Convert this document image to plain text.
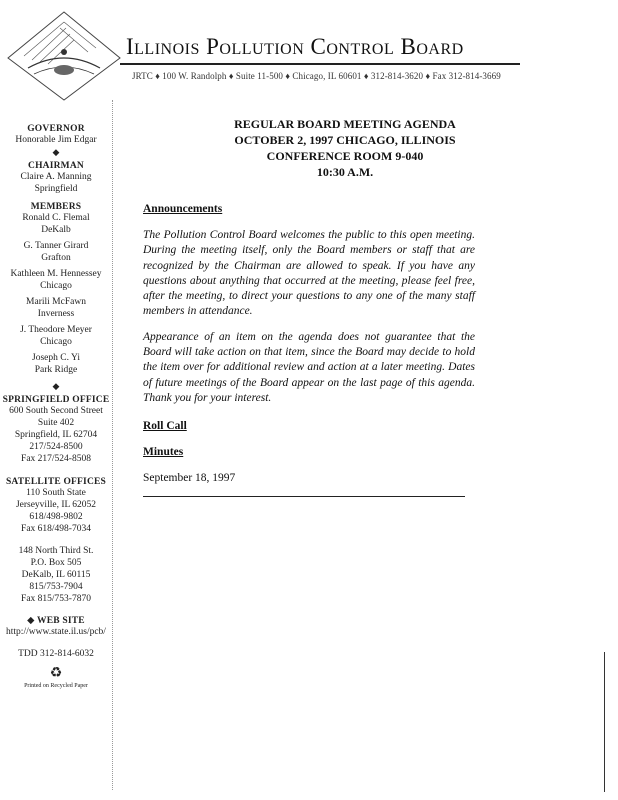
Illinois Pollution Control Board
JRTC ♦ 100 W. Randolph ♦ Suite 11-500 ♦ Chicago, IL 60601 ♦ 312-814-3620 ♦ Fax 312-814-3669
GOVERNOR
Honorable Jim Edgar
◆
CHAIRMAN
Claire A. Manning
Springfield
MEMBERS
Ronald C. Flemal
DeKalb
G. Tanner Girard
Grafton
Kathleen M. Hennessey
Chicago
Marili McFawn
Inverness
J. Theodore Meyer
Chicago
Joseph C. Yi
Park Ridge
◆
SPRINGFIELD OFFICE
600 South Second Street
Suite 402
Springfield, IL 62704
217/524-8500
Fax 217/524-8508
SATELLITE OFFICES
110 South State
Jerseyville, IL 62052
618/498-9802
Fax 618/498-7034
148 North Third St.
P.O. Box 505
DeKalb, IL 60115
815/753-7904
Fax 815/753-7870
◆ WEB SITE
http://www.state.il.us/pcb/
TDD 312-814-6032
♻
Printed on Recycled Paper
REGULAR BOARD MEETING AGENDA
OCTOBER 2, 1997 CHICAGO, ILLINOIS
CONFERENCE ROOM 9-040
10:30 A.M.
Announcements

The Pollution Control Board welcomes the public to this open meeting. During the meeting itself, only the Board members or staff that are recognized by the Chairman are allowed to speak. If you have any questions about anything that occurred at the meeting, please feel free, after the meeting, to direct your questions to any one of the many staff members in attendance.

Appearance of an item on the agenda does not guarantee that the Board will take action on that item, since the Board may decide to hold the item over for additional review and action at a later meeting. Dates of future meetings of the Board appear on the last page of this agenda. Thank you for your interest.

Roll Call
Minutes
September 18, 1997
